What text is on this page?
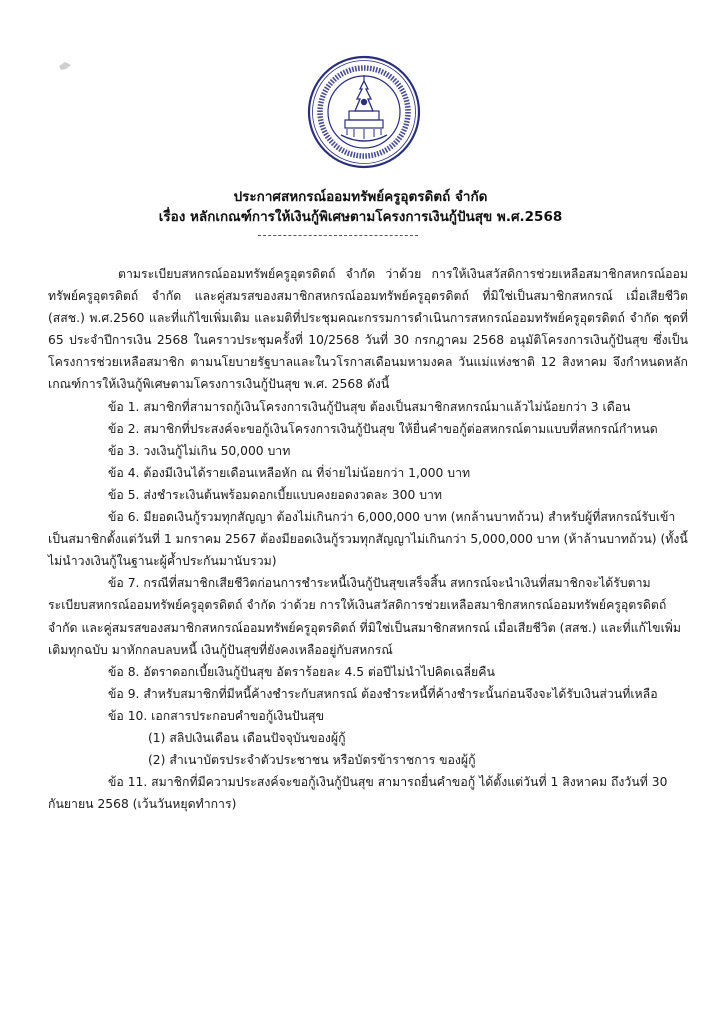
ประกาศสหกรณ์ออมทรัพย์ครูอุตรดิตถ์ จำกัด
เรื่อง หลักเกณฑ์การให้เงินกู้พิเศษตามโครงการเงินกู้ปันสุข พ.ศ.2568

ตามระเบียบสหกรณ์ออมทรัพย์ครูอุตรดิตถ์ จำกัด ว่าด้วย การให้เงินสวัสดิการช่วยเหลือสมาชิกสหกรณ์ออมทรัพย์ครูอุตรดิตถ์ จำกัด และคู่สมรสของสมาชิกสหกรณ์ออมทรัพย์ครูอุตรดิตถ์ ที่มิใช่เป็นสมาชิกสหกรณ์ เมื่อเสียชีวิต (สสช.) พ.ศ.2560 และที่แก้ไขเพิ่มเติม และมติที่ประชุมคณะกรรมการดำเนินการสหกรณ์ออมทรัพย์ครูอุตรดิตถ์ จำกัด ชุดที่ 65 ประจำปีการเงิน 2568 ในคราวประชุมครั้งที่ 10/2568 วันที่ 30 กรกฎาคม 2568 อนุมัติโครงการเงินกู้ปันสุข ซึ่งเป็นโครงการช่วยเหลือสมาชิก ตามนโยบายรัฐบาลและในวโรกาสเดือนมหามงคล วันแม่แห่งชาติ 12 สิงหาคม จึงกำหนดหลักเกณฑ์การให้เงินกู้พิเศษตามโครงการเงินกู้ปันสุข พ.ศ. 2568 ดังนี้

ข้อ 1. สมาชิกที่สามารถกู้เงินโครงการเงินกู้ปันสุข ต้องเป็นสมาชิกสหกรณ์มาแล้วไม่น้อยกว่า 3 เดือน

ข้อ 2. สมาชิกที่ประสงค์จะขอกู้เงินโครงการเงินกู้ปันสุข ให้ยื่นคำขอกู้ต่อสหกรณ์ตามแบบที่สหกรณ์กำหนด

ข้อ 3. วงเงินกู้ไม่เกิน 50,000 บาท

ข้อ 4. ต้องมีเงินได้รายเดือนเหลือหัก ณ ที่จ่ายไม่น้อยกว่า 1,000 บาท

ข้อ 5. ส่งชำระเงินต้นพร้อมดอกเบี้ยแบบคงยอดงวดละ 300 บาท

ข้อ 6. มียอดเงินกู้รวมทุกสัญญา ต้องไม่เกินกว่า 6,000,000 บาท (หกล้านบาทถ้วน) สำหรับผู้ที่สหกรณ์รับเข้าเป็นสมาชิกตั้งแต่วันที่ 1 มกราคม 2567 ต้องมียอดเงินกู้รวมทุกสัญญาไม่เกินกว่า 5,000,000 บาท (ห้าล้านบาทถ้วน) (ทั้งนี้ไม่นำวงเงินกู้ในฐานะผู้ค้ำประกันมานับรวม)

ข้อ 7. กรณีที่สมาชิกเสียชีวิตก่อนการชำระหนี้เงินกู้ปันสุขเสร็จสิ้น สหกรณ์จะนำเงินที่สมาชิกจะได้รับตามระเบียบสหกรณ์ออมทรัพย์ครูอุตรดิตถ์ จำกัด ว่าด้วย การให้เงินสวัสดิการช่วยเหลือสมาชิกสหกรณ์ออมทรัพย์ครูอุตรดิตถ์ จำกัด และคู่สมรสของสมาชิกสหกรณ์ออมทรัพย์ครูอุตรดิตถ์ ที่มิใช่เป็นสมาชิกสหกรณ์ เมื่อเสียชีวิต (สสช.) และที่แก้ไขเพิ่มเติมทุกฉบับ มาหักกลบลบหนี้ เงินกู้ปันสุขที่ยังคงเหลืออยู่กับสหกรณ์

ข้อ 8. อัตราดอกเบี้ยเงินกู้ปันสุข อัตราร้อยละ 4.5 ต่อปีไม่นำไปคิดเฉลี่ยคืน

ข้อ 9. สำหรับสมาชิกที่มีหนี้ค้างชำระกับสหกรณ์ ต้องชำระหนี้ที่ค้างชำระนั้นก่อนจึงจะได้รับเงินส่วนที่เหลือ

ข้อ 10. เอกสารประกอบคำขอกู้เงินปันสุข

(1) สลิปเงินเดือน เดือนปัจจุบันของผู้กู้

(2) สำเนาบัตรประจำตัวประชาชน หรือบัตรข้าราชการ ของผู้กู้

ข้อ 11. สมาชิกที่มีความประสงค์จะขอกู้เงินกู้ปันสุข สามารถยื่นคำขอกู้ ได้ตั้งแต่วันที่ 1 สิงหาคม ถึงวันที่ 30 กันยายน 2568 (เว้นวันหยุดทำการ)
